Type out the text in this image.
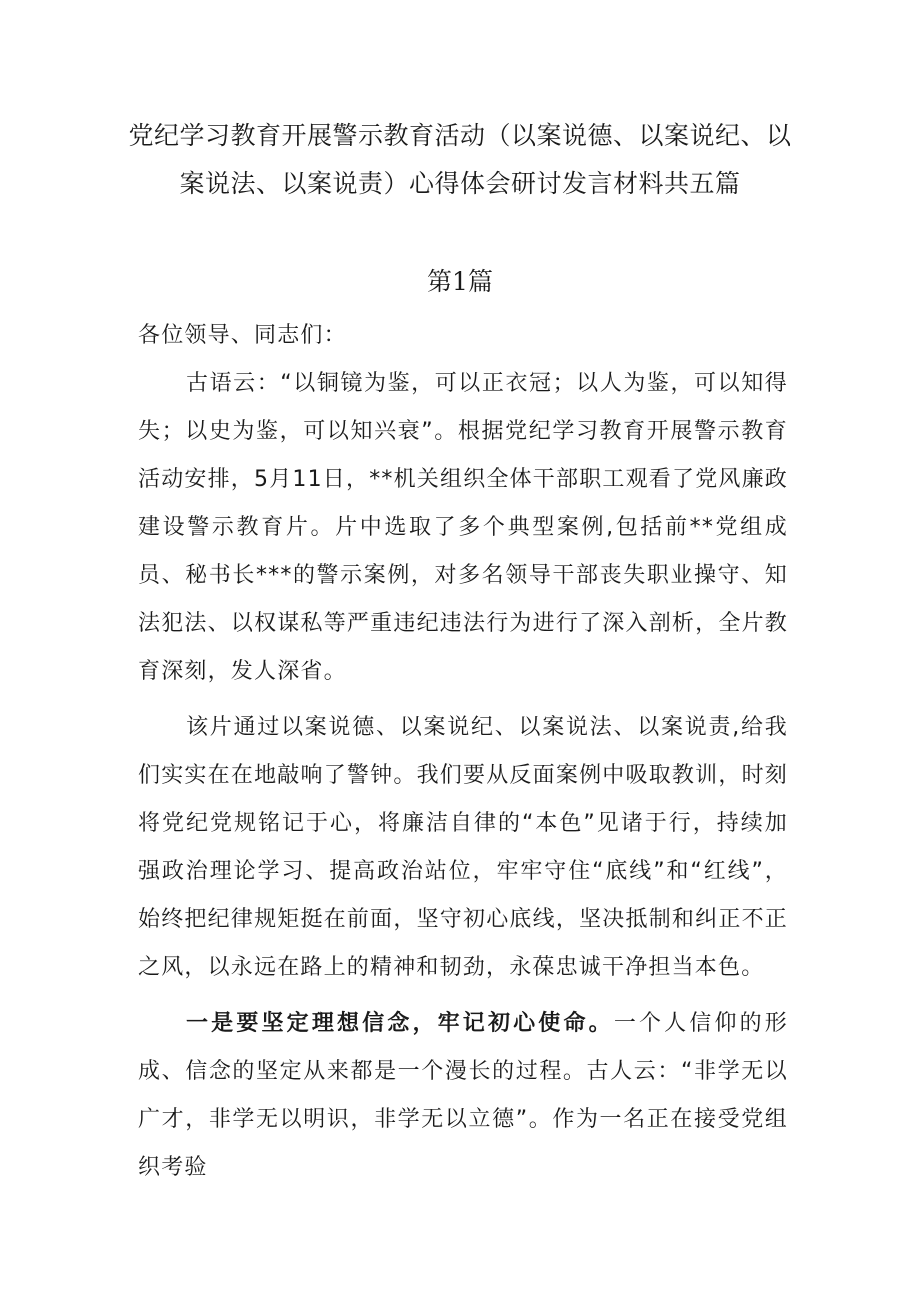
党纪学习教育开展警示教育活动（以案说德、以案说纪、以案说法、以案说责）心得体会研讨发言材料共五篇
第1篇

各位领导、同志们：

古语云：“以铜镜为鉴，可以正衣冠；以人为鉴，可以知得失；以史为鉴，可以知兴衰”。根据党纪学习教育开展警示教育活动安排，5月11日，**机关组织全体干部职工观看了党风廉政建设警示教育片。片中选取了多个典型案例,包括前**党组成员、秘书长***的警示案例，对多名领导干部丧失职业操守、知法犯法、以权谋私等严重违纪违法行为进行了深入剖析，全片教育深刻，发人深省。

该片通过以案说德、以案说纪、以案说法、以案说责,给我们实实在在地敲响了警钟。我们要从反面案例中吸取教训，时刻将党纪党规铭记于心，将廉洁自律的“本色”见诸于行，持续加强政治理论学习、提高政治站位，牢牢守住“底线”和“红线”，始终把纪律规矩挺在前面，坚守初心底线，坚决抵制和纠正不正之风，以永远在路上的精神和韧劲，永葆忠诚干净担当本色。

一是要坚定理想信念，牢记初心使命。一个人信仰的形成、信念的坚定从来都是一个漫长的过程。古人云：“非学无以广才，非学无以明识，非学无以立德”。作为一名正在接受党组织考验
